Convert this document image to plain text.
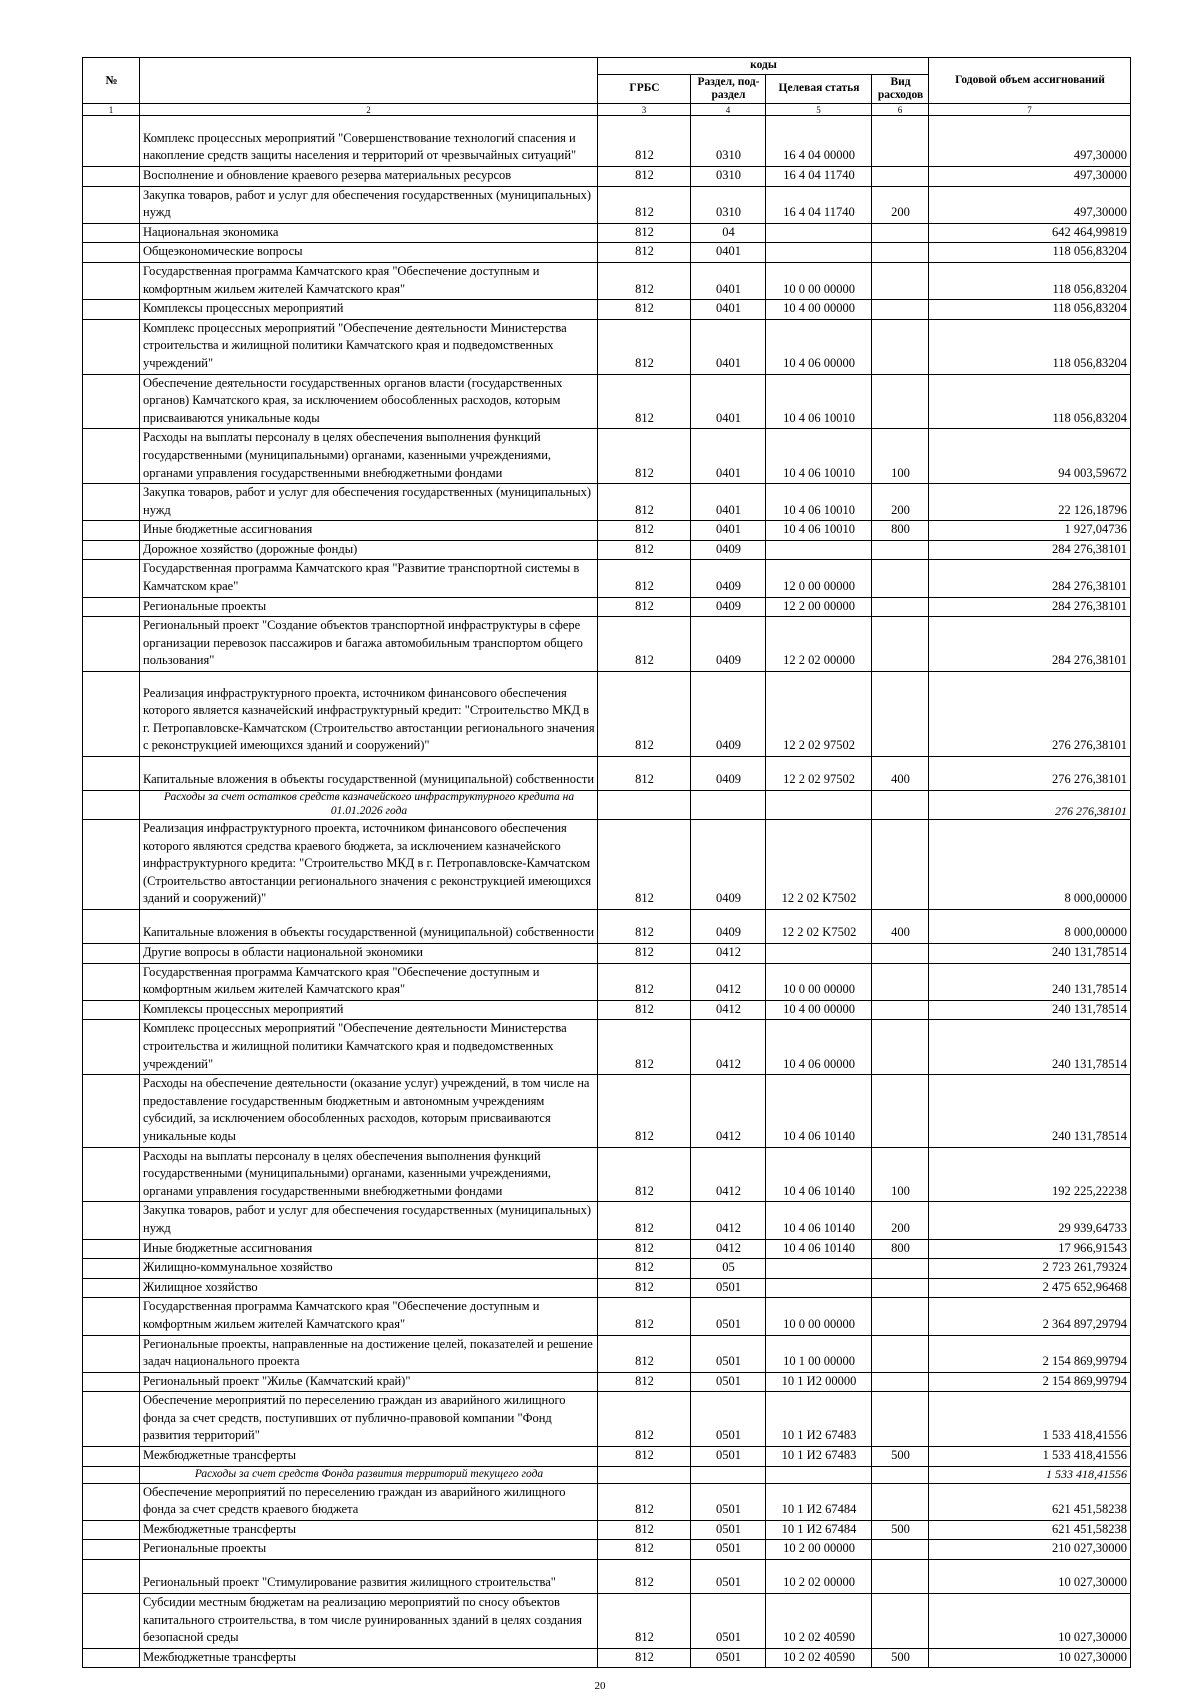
№		коды				Годовой объем ассигнований
		ГРБС	Раздел, под-раздел	Целевая статья	Вид расходов	
1	2	3	4	5	6	7
	Комплекс процессных мероприятий "Совершенствование технологий спасения и накопление средств защиты населения и территорий от чрезвычайных ситуаций"	812	0310	16 4 04 00000		497,30000
	Восполнение и обновление краевого резерва материальных ресурсов	812	0310	16 4 04 11740		497,30000
	Закупка товаров, работ и услуг для обеспечения государственных (муниципальных) нужд	812	0310	16 4 04 11740	200	497,30000
	Национальная экономика	812	04			642 464,99819
	Общеэкономические вопросы	812	0401			118 056,83204
	Государственная программа Камчатского края "Обеспечение доступным и комфортным жильем жителей Камчатского края"	812	0401	10 0 00 00000		118 056,83204
	Комплексы процессных мероприятий	812	0401	10 4 00 00000		118 056,83204
	Комплекс процессных мероприятий "Обеспечение деятельности Министерства строительства и жилищной политики Камчатского края и подведомственных учреждений"	812	0401	10 4 06 00000		118 056,83204
	Обеспечение деятельности государственных органов власти (государственных органов) Камчатского края, за исключением обособленных расходов, которым присваиваются уникальные коды	812	0401	10 4 06 10010		118 056,83204
	Расходы на выплаты персоналу в целях обеспечения выполнения функций государственными (муниципальными) органами, казенными учреждениями, органами управления государственными внебюджетными фондами	812	0401	10 4 06 10010	100	94 003,59672
	Закупка товаров, работ и услуг для обеспечения государственных (муниципальных) нужд	812	0401	10 4 06 10010	200	22 126,18796
	Иные бюджетные ассигнования	812	0401	10 4 06 10010	800	1 927,04736
	Дорожное хозяйство (дорожные фонды)	812	0409			284 276,38101
	Государственная программа Камчатского края "Развитие транспортной системы в Камчатском крае"	812	0409	12 0 00 00000		284 276,38101
	Региональные проекты	812	0409	12 2 00 00000		284 276,38101
	Региональный проект "Создание объектов транспортной инфраструктуры в сфере организации перевозок пассажиров и багажа автомобильным транспортом общего пользования"	812	0409	12 2 02 00000		284 276,38101
	Реализация инфраструктурного проекта, источником финансового обеспечения которого является казначейский инфраструктурный кредит: "Строительство МКД в г. Петропавловске-Камчатском (Строительство автостанции регионального значения с реконструкцией имеющихся зданий и сооружений)"	812	0409	12 2 02 97502		276 276,38101
	Капитальные вложения в объекты государственной (муниципальной) собственности	812	0409	12 2 02 97502	400	276 276,38101
	Расходы за счет остатков средств казначейского инфраструктурного кредита на 01.01.2026 года					276 276,38101
	Реализация инфраструктурного проекта, источником финансового обеспечения которого являются средства краевого бюджета, за исключением казначейского инфраструктурного кредита: "Строительство МКД в г. Петропавловске-Камчатском (Строительство автостанции регионального значения с реконструкцией имеющихся зданий и сооружений)"	812	0409	12 2 02 K7502		8 000,00000
	Капитальные вложения в объекты государственной (муниципальной) собственности	812	0409	12 2 02 K7502	400	8 000,00000
	Другие вопросы в области национальной экономики	812	0412			240 131,78514
	Государственная программа Камчатского края "Обеспечение доступным и комфортным жильем жителей Камчатского края"	812	0412	10 0 00 00000		240 131,78514
	Комплексы процессных мероприятий	812	0412	10 4 00 00000		240 131,78514
	Комплекс процессных мероприятий "Обеспечение деятельности Министерства строительства и жилищной политики Камчатского края и подведомственных учреждений"	812	0412	10 4 06 00000		240 131,78514
	Расходы на обеспечение деятельности (оказание услуг) учреждений, в том числе на предоставление государственным бюджетным и автономным учреждениям субсидий, за исключением обособленных расходов, которым присваиваются уникальные коды	812	0412	10 4 06 10140		240 131,78514
	Расходы на выплаты персоналу в целях обеспечения выполнения функций государственными (муниципальными) органами, казенными учреждениями, органами управления государственными внебюджетными фондами	812	0412	10 4 06 10140	100	192 225,22238
	Закупка товаров, работ и услуг для обеспечения государственных (муниципальных) нужд	812	0412	10 4 06 10140	200	29 939,64733
	Иные бюджетные ассигнования	812	0412	10 4 06 10140	800	17 966,91543
	Жилищно-коммунальное хозяйство	812	05			2 723 261,79324
	Жилищное хозяйство	812	0501			2 475 652,96468
	Государственная программа Камчатского края "Обеспечение доступным и комфортным жильем жителей Камчатского края"	812	0501	10 0 00 00000		2 364 897,29794
	Региональные проекты, направленные на достижение целей, показателей и решение задач национального проекта	812	0501	10 1 00 00000		2 154 869,99794
	Региональный проект "Жилье (Камчатский край)"	812	0501	10 1 И2 00000		2 154 869,99794
	Обеспечение мероприятий по переселению граждан из аварийного жилищного фонда за счет средств, поступивших от публично-правовой компании "Фонд развития территорий"	812	0501	10 1 И2 67483		1 533 418,41556
	Межбюджетные трансферты	812	0501	10 1 И2 67483	500	1 533 418,41556
	Расходы за счет средств Фонда развития территорий текущего года					1 533 418,41556
	Обеспечение мероприятий по переселению граждан из аварийного жилищного фонда за счет средств краевого бюджета	812	0501	10 1 И2 67484		621 451,58238
	Межбюджетные трансферты	812	0501	10 1 И2 67484	500	621 451,58238
	Региональные проекты	812	0501	10 2 00 00000		210 027,30000
	Региональный проект "Стимулирование развития жилищного строительства"	812	0501	10 2 02 00000		10 027,30000
	Субсидии местным бюджетам на реализацию мероприятий по сносу объектов капитального строительства, в том числе руинированных зданий в целях создания безопасной среды	812	0501	10 2 02 40590		10 027,30000
	Межбюджетные трансферты	812	0501	10 2 02 40590	500	10 027,30000
20
